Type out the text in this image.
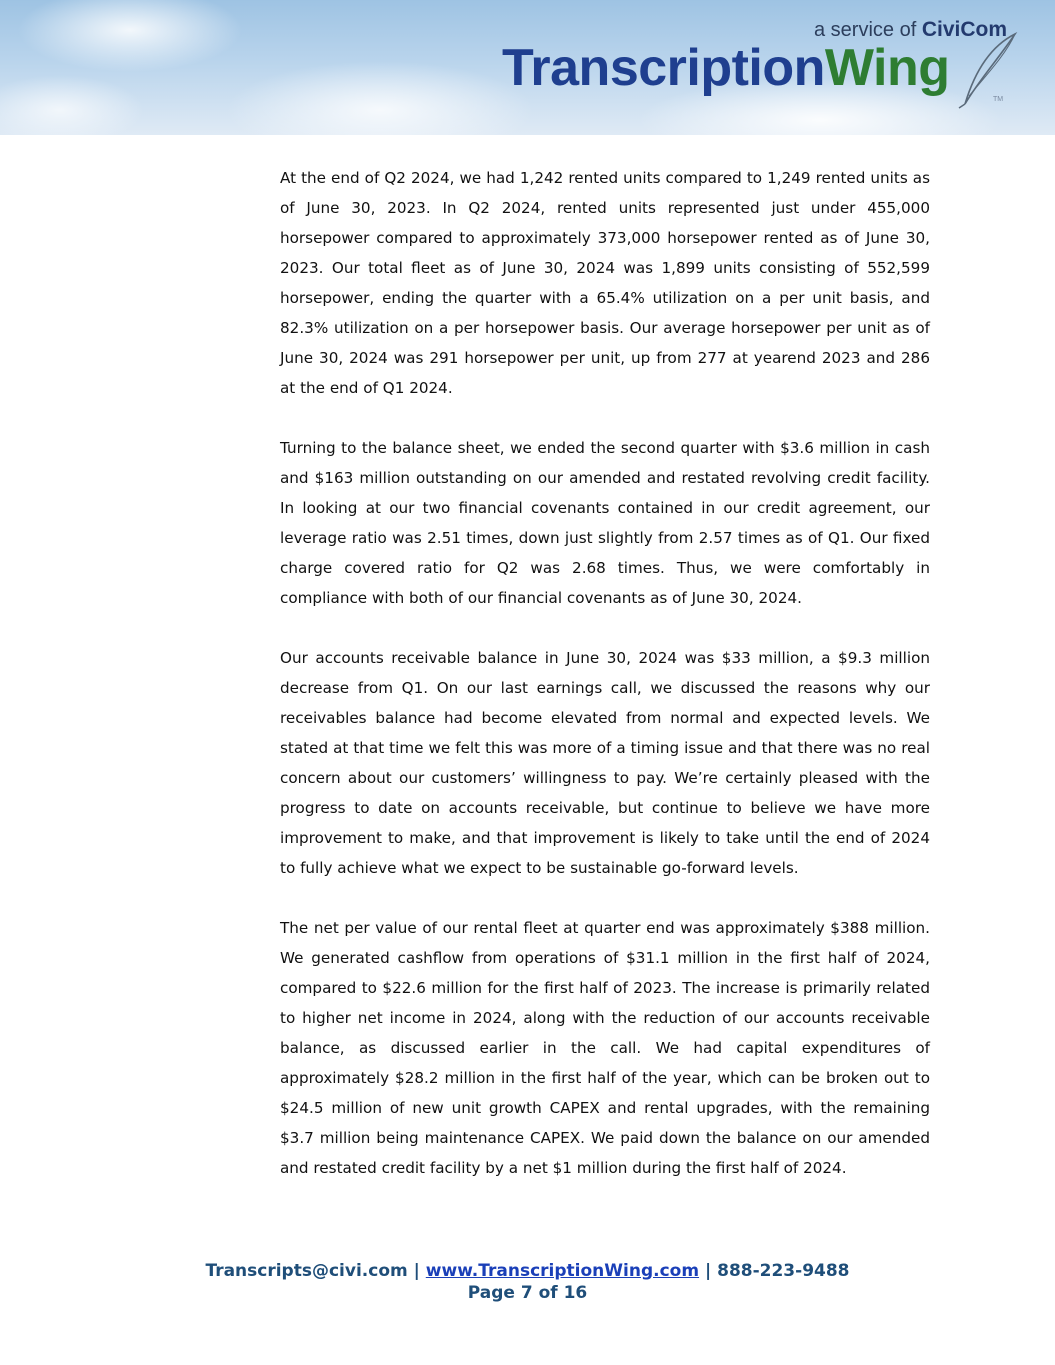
a service of CiviCom
TranscriptionWing
TM

At the end of Q2 2024, we had 1,242 rented units compared to 1,249 rented units as of June 30, 2023. In Q2 2024, rented units represented just under 455,000 horsepower compared to approximately 373,000 horsepower rented as of June 30, 2023. Our total fleet as of June 30, 2024 was 1,899 units consisting of 552,599 horsepower, ending the quarter with a 65.4% utilization on a per unit basis, and 82.3% utilization on a per horsepower basis. Our average horsepower per unit as of June 30, 2024 was 291 horsepower per unit, up from 277 at yearend 2023 and 286 at the end of Q1 2024.

Turning to the balance sheet, we ended the second quarter with $3.6 million in cash and $163 million outstanding on our amended and restated revolving credit facility. In looking at our two financial covenants contained in our credit agreement, our leverage ratio was 2.51 times, down just slightly from 2.57 times as of Q1. Our fixed charge covered ratio for Q2 was 2.68 times. Thus, we were comfortably in compliance with both of our financial covenants as of June 30, 2024.

Our accounts receivable balance in June 30, 2024 was $33 million, a $9.3 million decrease from Q1. On our last earnings call, we discussed the reasons why our receivables balance had become elevated from normal and expected levels. We stated at that time we felt this was more of a timing issue and that there was no real concern about our customers’ willingness to pay. We’re certainly pleased with the progress to date on accounts receivable, but continue to believe we have more improvement to make, and that improvement is likely to take until the end of 2024 to fully achieve what we expect to be sustainable go-forward levels.

The net per value of our rental fleet at quarter end was approximately $388 million. We generated cashflow from operations of $31.1 million in the first half of 2024, compared to $22.6 million for the first half of 2023. The increase is primarily related to higher net income in 2024, along with the reduction of our accounts receivable balance, as discussed earlier in the call. We had capital expenditures of approximately $28.2 million in the first half of the year, which can be broken out to $24.5 million of new unit growth CAPEX and rental upgrades, with the remaining $3.7 million being maintenance CAPEX. We paid down the balance on our amended and restated credit facility by a net $1 million during the first half of 2024.

Transcripts@civi.com | www.TranscriptionWing.com | 888-223-9488
Page 7 of 16
